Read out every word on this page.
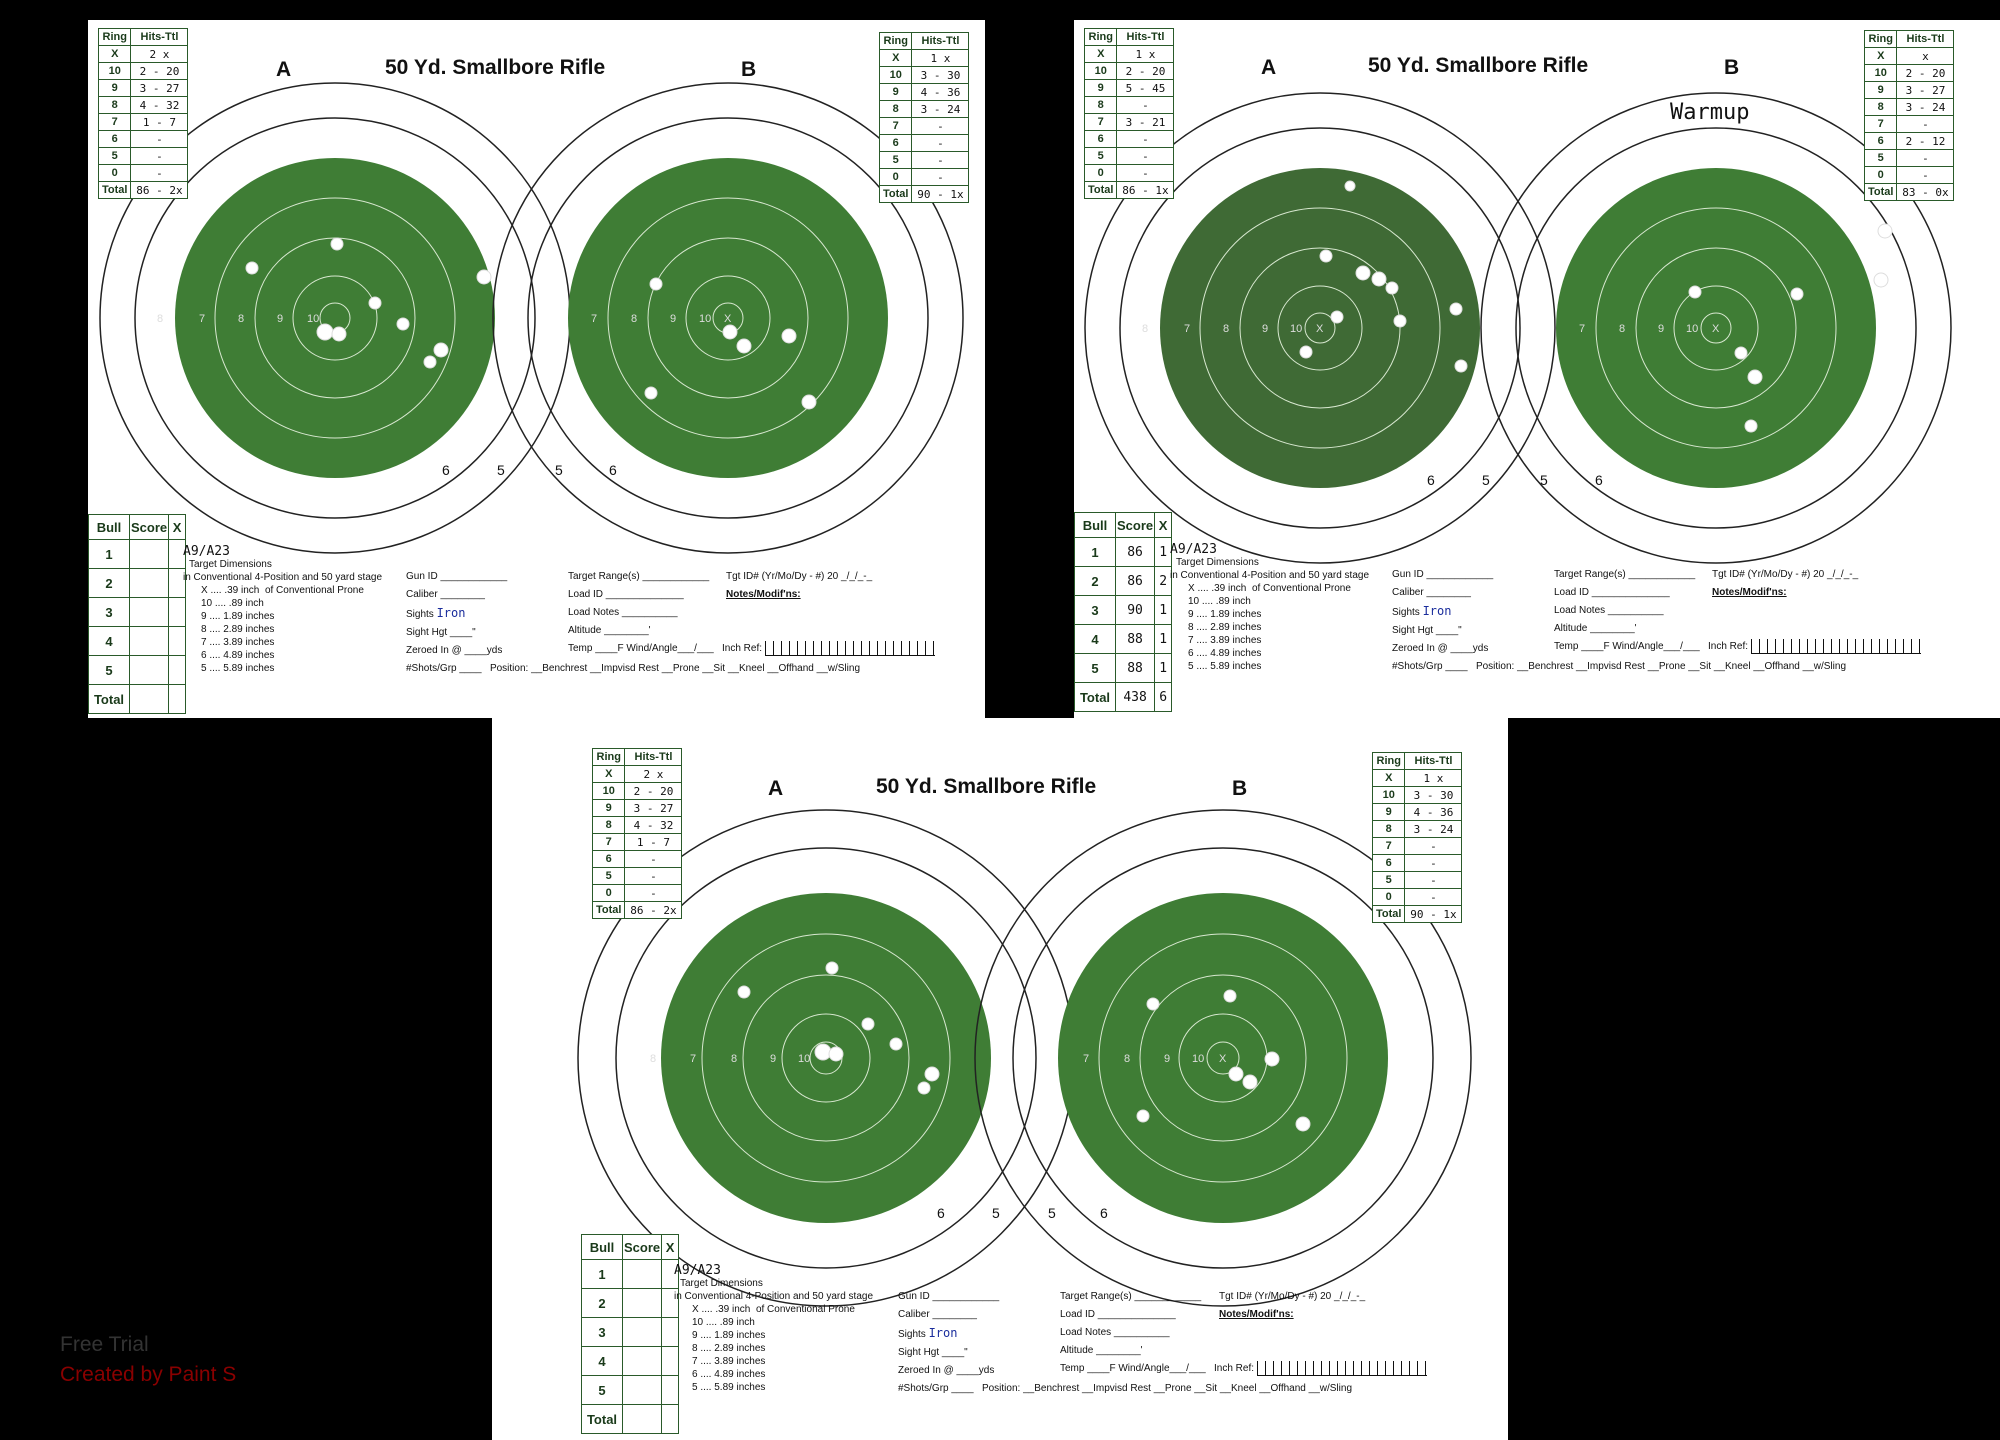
8	7	8	9 10	7	8	9 10 X
6	5	5	6
A	50 Yd. Smallbore Rifle	B
Ring	Hits-Ttl
X	2 x
10	2 - 20
9	3 - 27
8	4 - 32
7	1 - 7
6	-
5	-
0	-
Total	86 - 2x
Ring	Hits-Ttl
X	1 x
10	3 - 30
9	4 - 36
8	3 - 24
7	-
6	-
5	-
0	-
Total	90 - 1x
Bull	Score	X
1		
2		
3		
4		
5		
Total		
A9/A23
Target Dimensions
in Conventional 4-Position and 50 yard stage
X .... .39 inch of Conventional Prone
10 .... .89 inch
9 .... 1.89 inches
8 .... 2.89 inches
7 .... 3.89 inches
6 .... 4.89 inches
5 .... 5.89 inches
Gun ID ____________
Caliber ________
Sights Iron
Sight Hgt ____"
Zeroed In @ ____yds
#Shots/Grp ____ Position: __Benchrest __Impvisd Rest __Prone __Sit __Kneel __Offhand __w/Sling
Target Range(s) ____________
Load ID ______________
Load Notes __________
Altitude ________'
Temp ____F Wind/Angle___/___ Inch Ref:
Tgt ID# (Yr/Mo/Dy - #) 20 _/_/_-_
Notes/Modif'ns:
8	7	8	9 10 X	7	8	9 10 X
6	5	5	6
A	50 Yd. Smallbore Rifle	B
Warmup
Ring	Hits-Ttl
X	1 x
10	2 - 20
9	5 - 45
8	-
7	3 - 21
6	-
5	-
0	-
Total	86 - 1x
Ring	Hits-Ttl
X	x
10	2 - 20
9	3 - 27
8	3 - 24
7	-
6	2 - 12
5	-
0	-
Total	83 - 0x
Bull	Score	X
1	86	1
2	86	2
3	90	1
4	88	1
5	88	1
Total	438	6
A9/A23
Target Dimensions
in Conventional 4-Position and 50 yard stage
X .... .39 inch of Conventional Prone
10 .... .89 inch
9 .... 1.89 inches
8 .... 2.89 inches
7 .... 3.89 inches
6 .... 4.89 inches
5 .... 5.89 inches
Gun ID ____________
Caliber ________
Sights Iron
Sight Hgt ____"
Zeroed In @ ____yds
#Shots/Grp ____ Position: __Benchrest __Impvisd Rest __Prone __Sit __Kneel __Offhand __w/Sling
Target Range(s) ____________
Load ID ______________
Load Notes __________
Altitude ________'
Temp ____F Wind/Angle___/___ Inch Ref:
Tgt ID# (Yr/Mo/Dy - #) 20 _/_/_-_
Notes/Modif'ns:
8	7	8	9 10	7	8	9 10 X
6	5	5	6
A	50 Yd. Smallbore Rifle	B
Ring	Hits-Ttl
X	2 x
10	2 - 20
9	3 - 27
8	4 - 32
7	1 - 7
6	-
5	-
0	-
Total	86 - 2x
Ring	Hits-Ttl
X	1 x
10	3 - 30
9	4 - 36
8	3 - 24
7	-
6	-
5	-
0	-
Total	90 - 1x
Bull	Score	X
1		
2		
3		
4		
5		
Total		
A9/A23
Target Dimensions
in Conventional 4-Position and 50 yard stage
X .... .39 inch of Conventional Prone
10 .... .89 inch
9 .... 1.89 inches
8 .... 2.89 inches
7 .... 3.89 inches
6 .... 4.89 inches
5 .... 5.89 inches
Gun ID ____________
Caliber ________
Sights Iron
Sight Hgt ____"
Zeroed In @ ____yds
#Shots/Grp ____ Position: __Benchrest __Impvisd Rest __Prone __Sit __Kneel __Offhand __w/Sling
Target Range(s) ____________
Load ID ______________
Load Notes __________
Altitude ________'
Temp ____F Wind/Angle___/___ Inch Ref:
Tgt ID# (Yr/Mo/Dy - #) 20 _/_/_-_
Notes/Modif'ns:
Free Trial
Created by Paint S
